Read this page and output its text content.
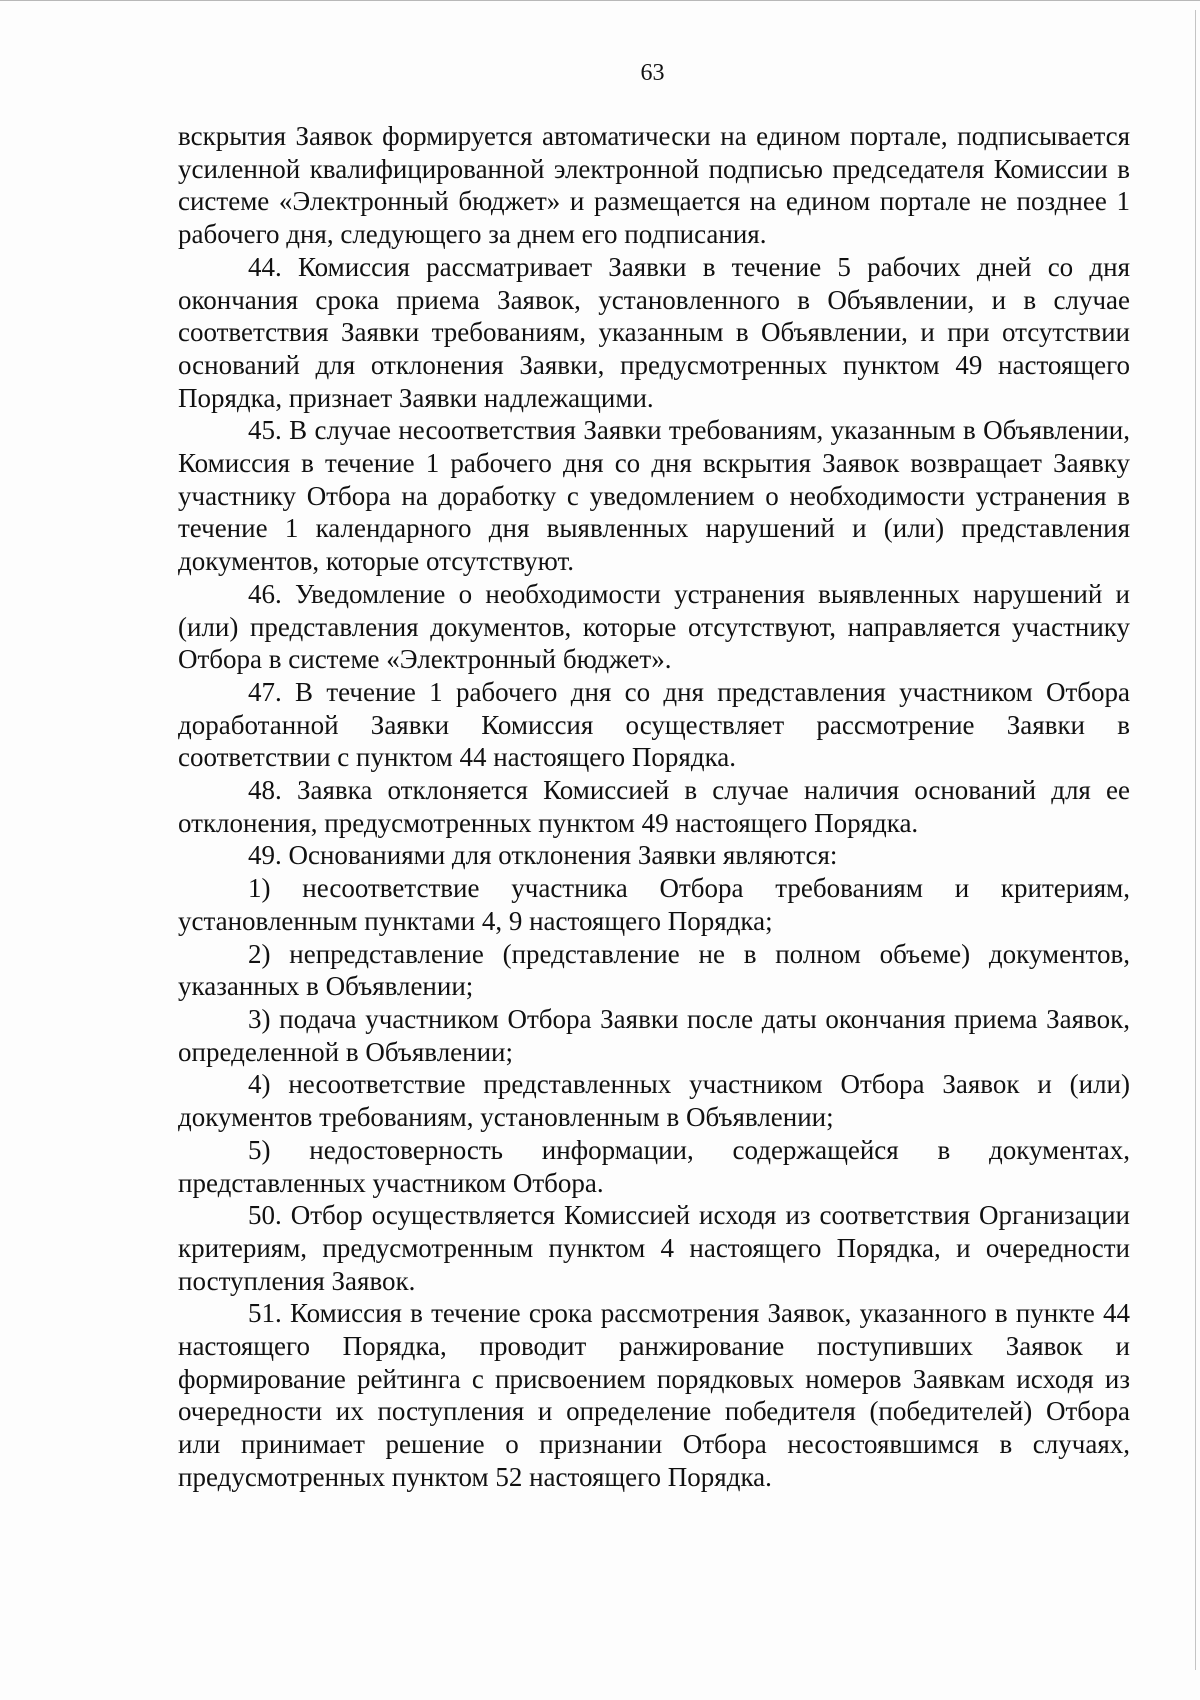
63

вскрытия Заявок формируется автоматически на едином портале, подписывается усиленной квалифицированной электронной подписью председателя Комиссии в системе «Электронный бюджет» и размещается на едином портале не позднее 1 рабочего дня, следующего за днем его подписания.

44. Комиссия рассматривает Заявки в течение 5 рабочих дней со дня окончания срока приема Заявок, установленного в Объявлении, и в случае соответствия Заявки требованиям, указанным в Объявлении, и при отсутствии оснований для отклонения Заявки, предусмотренных пунктом 49 настоящего Порядка, признает Заявки надлежащими.

45. В случае несоответствия Заявки требованиям, указанным в Объявлении, Комиссия в течение 1 рабочего дня со дня вскрытия Заявок возвращает Заявку участнику Отбора на доработку с уведомлением о необходимости устранения в течение 1 календарного дня выявленных нарушений и (или) представления документов, которые отсутствуют.

46. Уведомление о необходимости устранения выявленных нарушений и (или) представления документов, которые отсутствуют, направляется участнику Отбора в системе «Электронный бюджет».

47. В течение 1 рабочего дня со дня представления участником Отбора доработанной Заявки Комиссия осуществляет рассмотрение Заявки в соответствии с пунктом 44 настоящего Порядка.

48. Заявка отклоняется Комиссией в случае наличия оснований для ее отклонения, предусмотренных пунктом 49 настоящего Порядка.

49. Основаниями для отклонения Заявки являются:

1) несоответствие участника Отбора требованиям и критериям, установленным пунктами 4, 9 настоящего Порядка;

2) непредставление (представление не в полном объеме) документов, указанных в Объявлении;

3) подача участником Отбора Заявки после даты окончания приема Заявок, определенной в Объявлении;

4) несоответствие представленных участником Отбора Заявок и (или) документов требованиям, установленным в Объявлении;

5) недостоверность информации, содержащейся в документах, представленных участником Отбора.

50. Отбор осуществляется Комиссией исходя из соответствия Организации критериям, предусмотренным пунктом 4 настоящего Порядка, и очередности поступления Заявок.

51. Комиссия в течение срока рассмотрения Заявок, указанного в пункте 44 настоящего Порядка, проводит ранжирование поступивших Заявок и формирование рейтинга с присвоением порядковых номеров Заявкам исходя из очередности их поступления и определение победителя (победителей) Отбора или принимает решение о признании Отбора несостоявшимся в случаях, предусмотренных пунктом 52 настоящего Порядка.
